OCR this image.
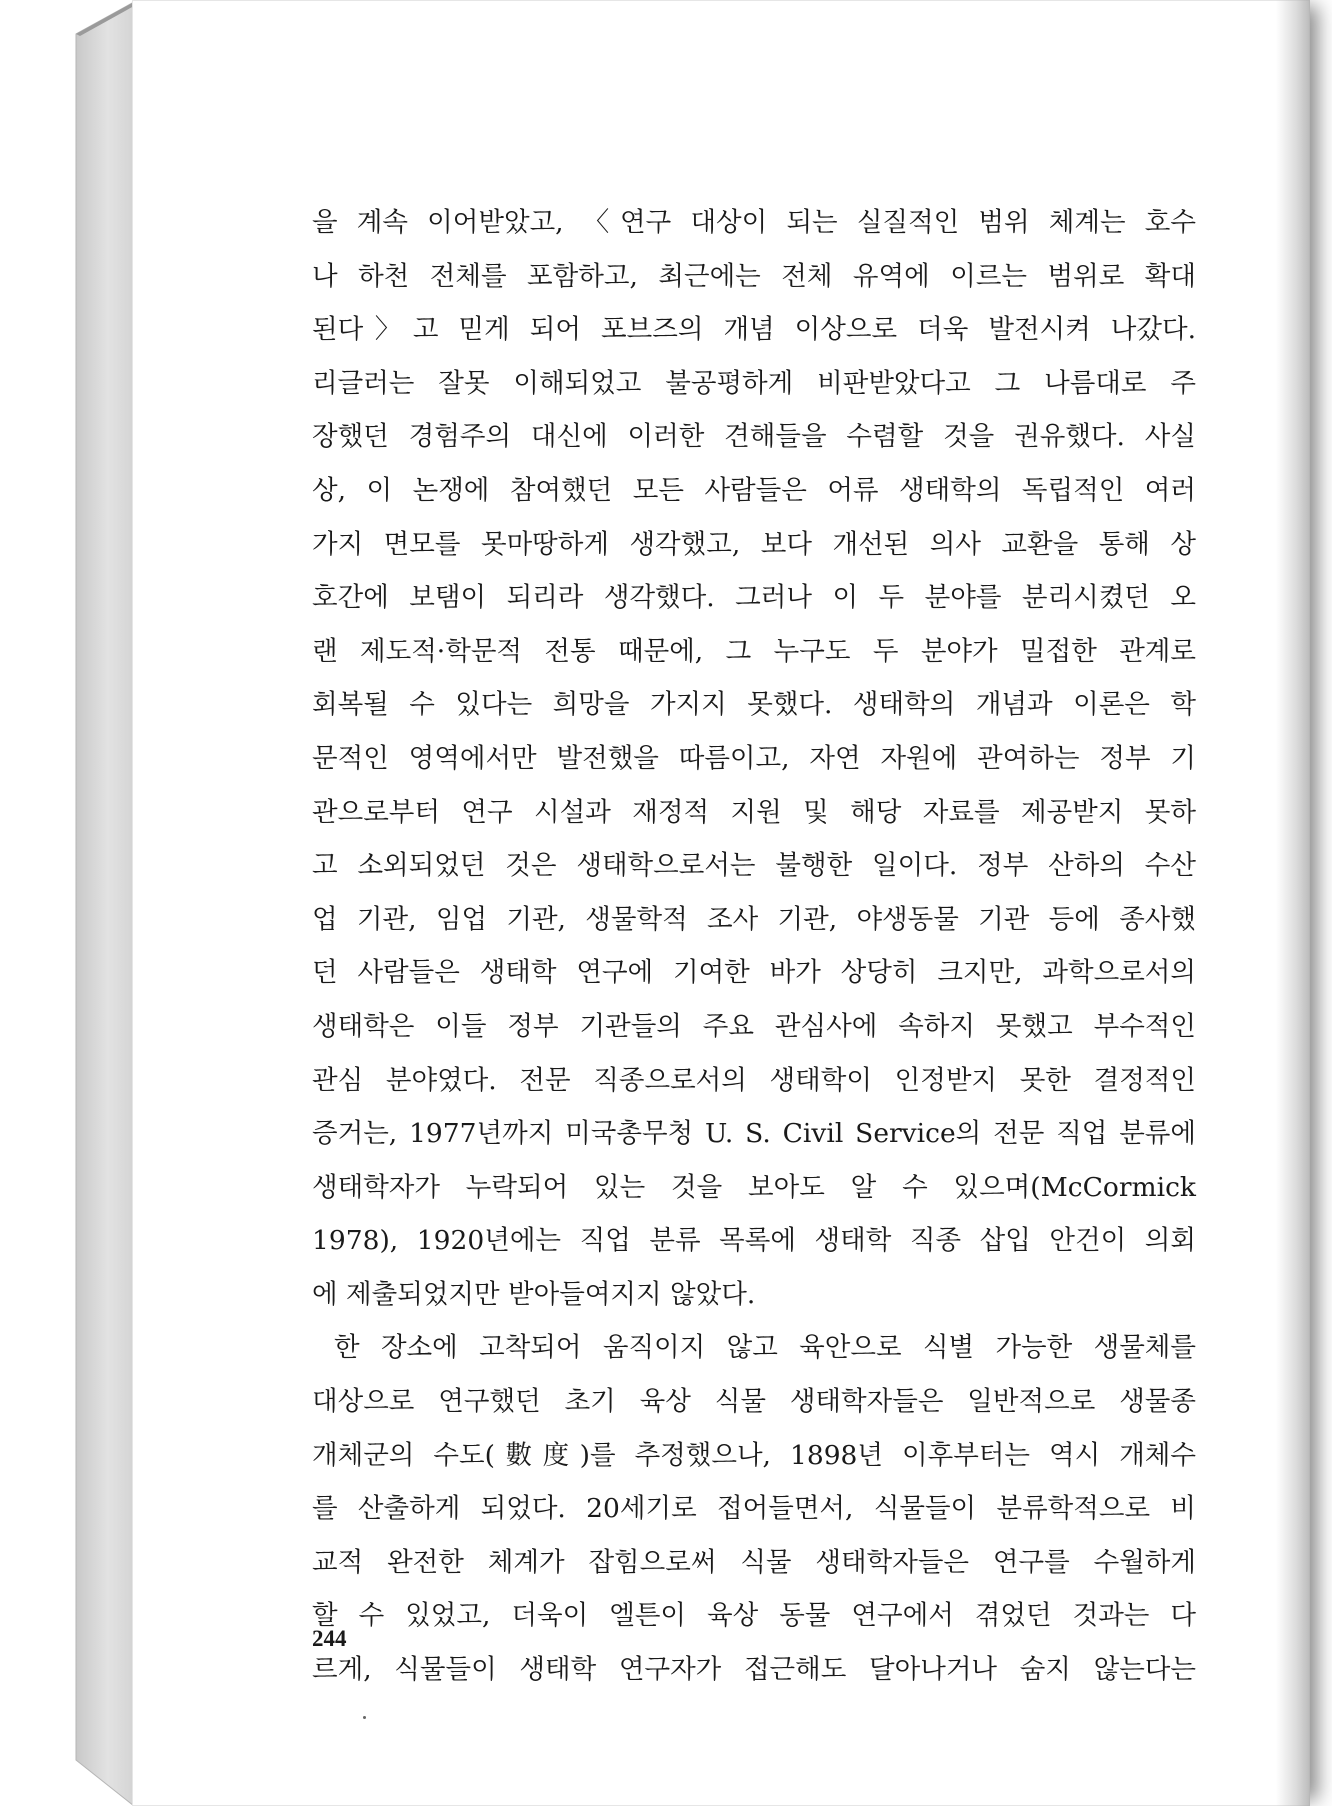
을 계속 이어받았고, 〈연구 대상이 되는 실질적인 범위 체계는 호수
나 하천 전체를 포함하고, 최근에는 전체 유역에 이르는 범위로 확대
된다〉고 믿게 되어 포브즈의 개념 이상으로 더욱 발전시켜 나갔다.
리글러는 잘못 이해되었고 불공평하게 비판받았다고 그 나름대로 주
장했던 경험주의 대신에 이러한 견해들을 수렴할 것을 권유했다. 사실
상, 이 논쟁에 참여했던 모든 사람들은 어류 생태학의 독립적인 여러
가지 면모를 못마땅하게 생각했고, 보다 개선된 의사 교환을 통해 상
호간에 보탬이 되리라 생각했다. 그러나 이 두 분야를 분리시켰던 오
랜 제도적·학문적 전통 때문에, 그 누구도 두 분야가 밀접한 관계로
회복될 수 있다는 희망을 가지지 못했다. 생태학의 개념과 이론은 학
문적인 영역에서만 발전했을 따름이고, 자연 자원에 관여하는 정부 기
관으로부터 연구 시설과 재정적 지원 및 해당 자료를 제공받지 못하
고 소외되었던 것은 생태학으로서는 불행한 일이다. 정부 산하의 수산
업 기관, 임업 기관, 생물학적 조사 기관, 야생동물 기관 등에 종사했
던 사람들은 생태학 연구에 기여한 바가 상당히 크지만, 과학으로서의
생태학은 이들 정부 기관들의 주요 관심사에 속하지 못했고 부수적인
관심 분야였다. 전문 직종으로서의 생태학이 인정받지 못한 결정적인
증거는, 1977년까지 미국총무청 U. S. Civil Service의 전문 직업 분류에
생태학자가 누락되어 있는 것을 보아도 알 수 있으며(McCormick
1978), 1920년에는 직업 분류 목록에 생태학 직종 삽입 안건이 의회
에 제출되었지만 받아들여지지 않았다.
한 장소에 고착되어 움직이지 않고 육안으로 식별 가능한 생물체를
대상으로 연구했던 초기 육상 식물 생태학자들은 일반적으로 생물종
개체군의 수도(數度)를 추정했으나, 1898년 이후부터는 역시 개체수
를 산출하게 되었다. 20세기로 접어들면서, 식물들이 분류학적으로 비
교적 완전한 체계가 잡힘으로써 식물 생태학자들은 연구를 수월하게
할 수 있었고, 더욱이 엘튼이 육상 동물 연구에서 겪었던 것과는 다
르게, 식물들이 생태학 연구자가 접근해도 달아나거나 숨지 않는다는
244
